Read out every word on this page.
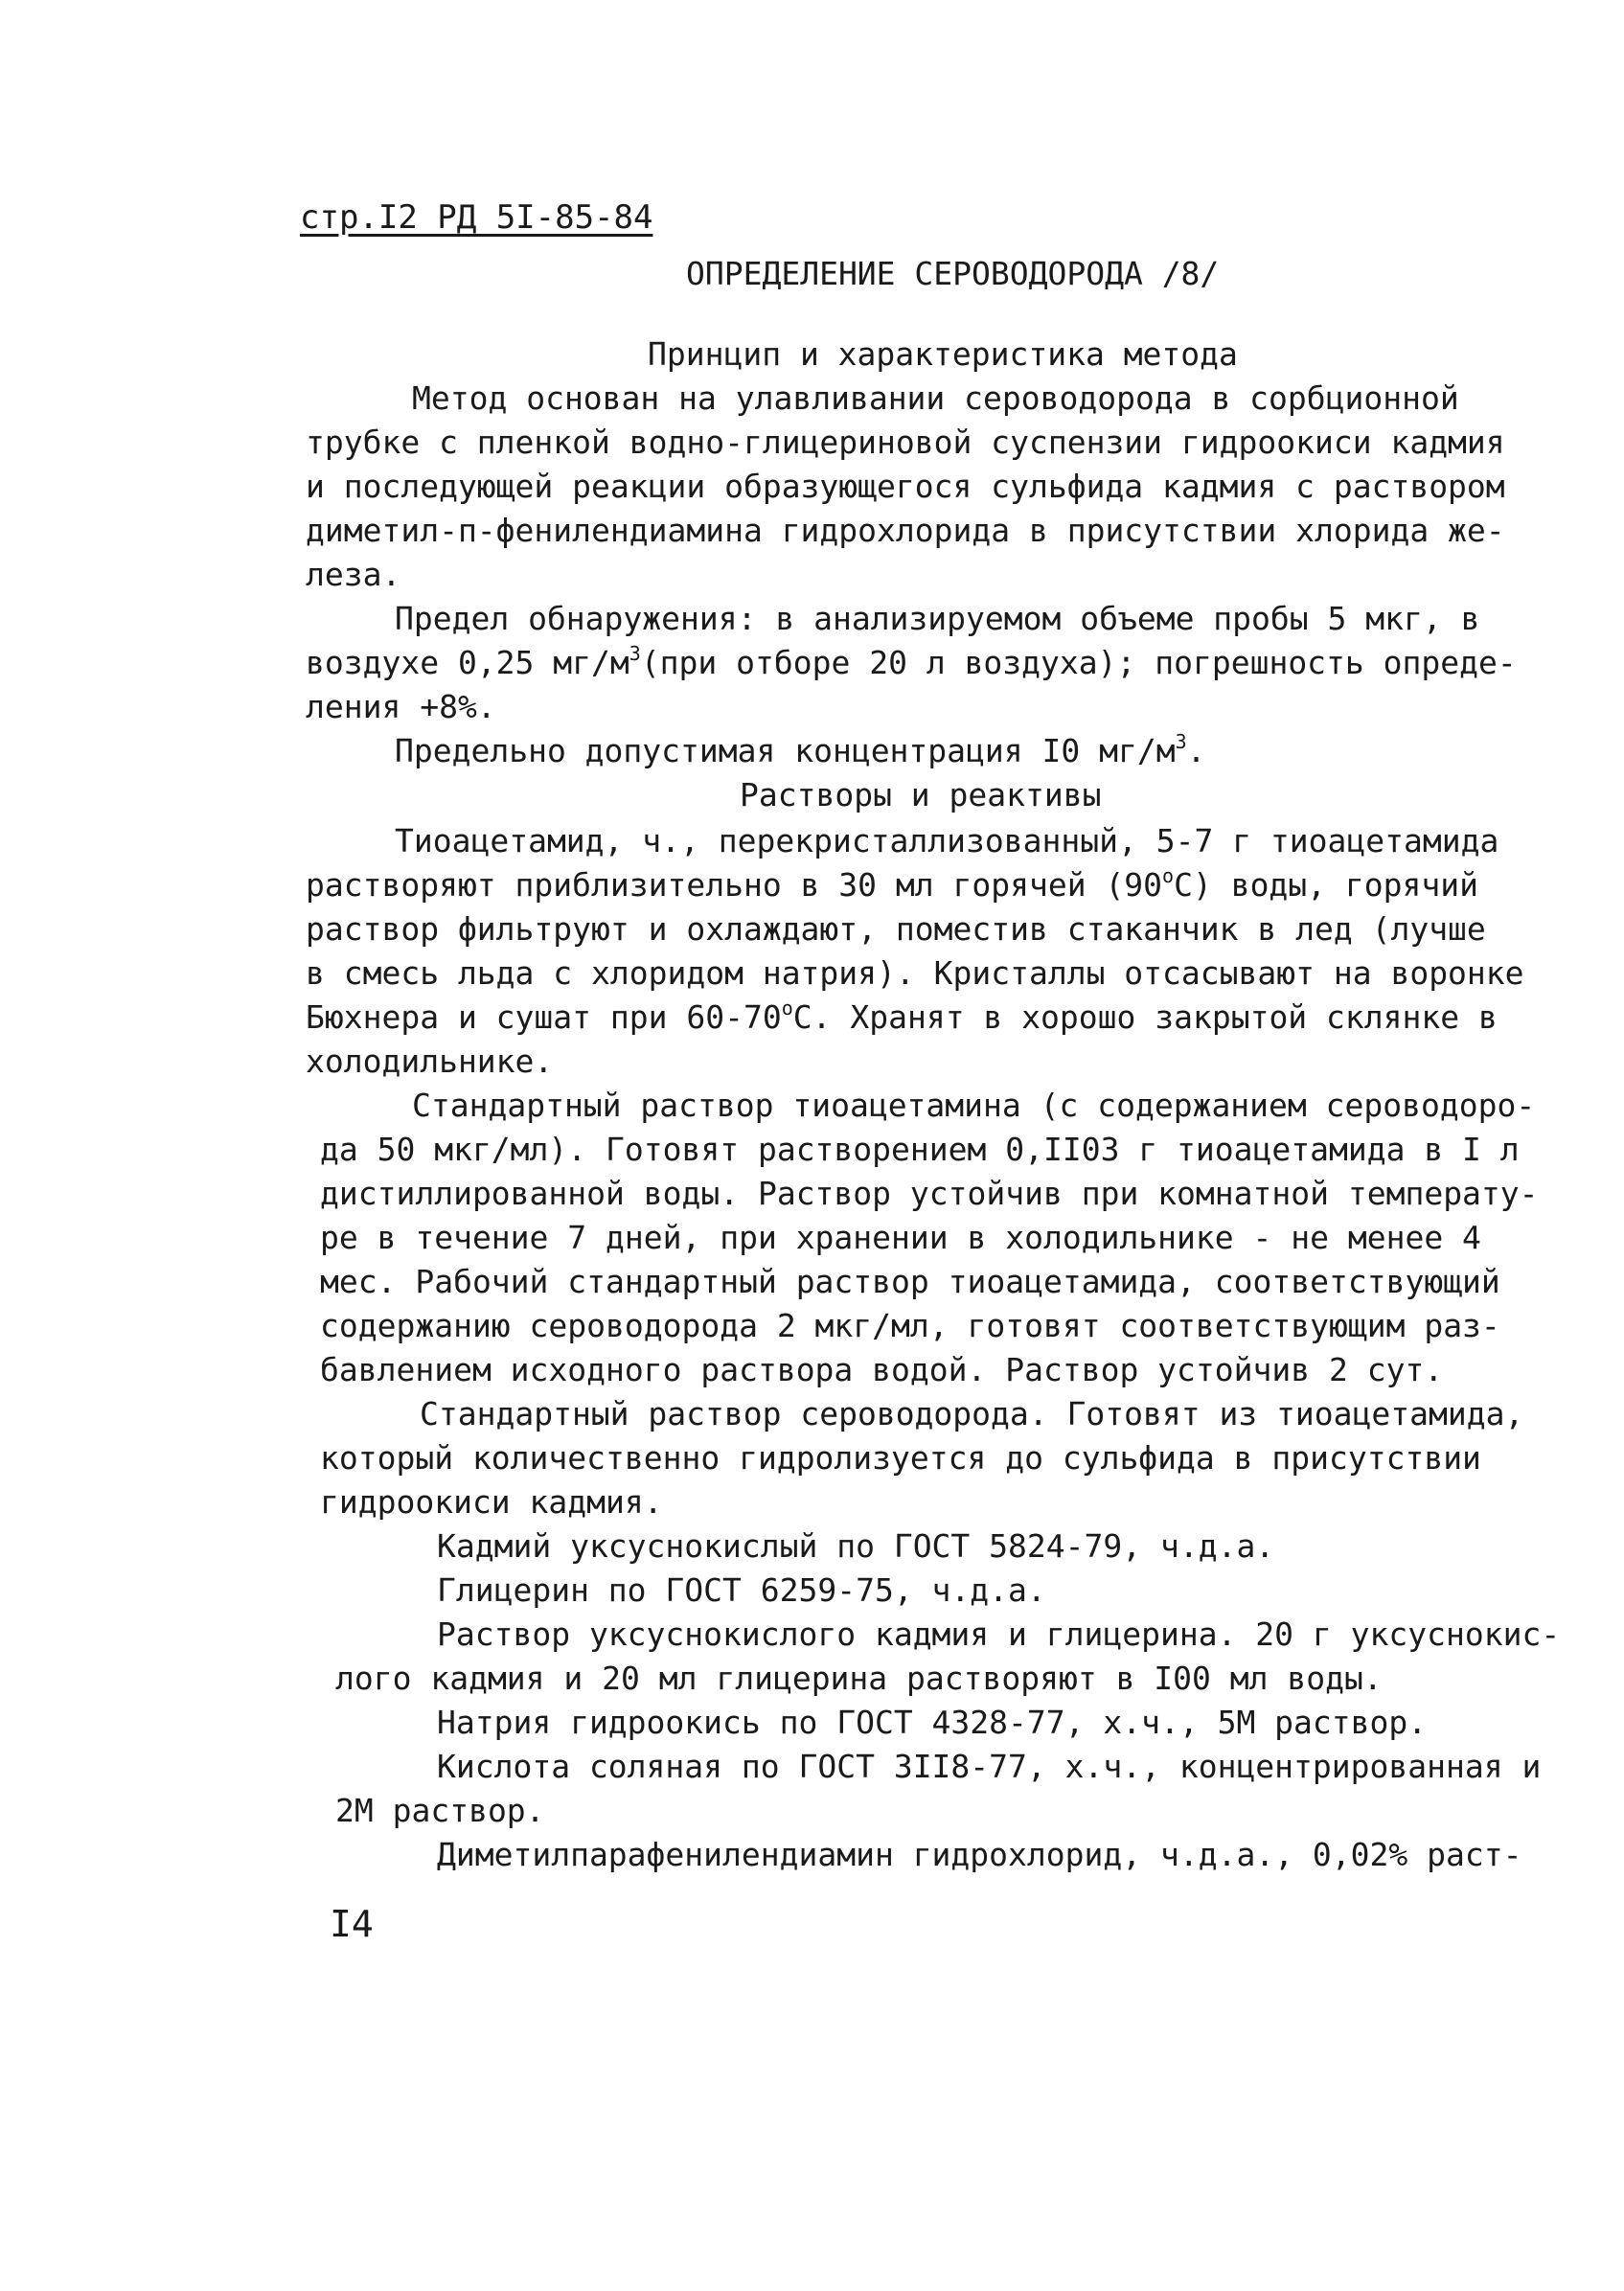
стр.I2 РД 5I-85-84
ОПРЕДЕЛЕНИЕ СЕРОВОДОРОДА /8/
Принцип и характеристика метода
Метод основан на улавливании сероводорода в сорбционной
трубке с пленкой водно-глицериновой суспензии гидроокиси кадмия
и последующей реакции образующегося сульфида кадмия с раствором
диметил-п-фенилендиамина гидрохлорида в присутствии хлорида же-
леза.
Предел обнаружения: в анализируемом объеме пробы 5 мкг, в
воздухе 0,25 $мг/м^3(при$ отборе 20 л воздуха); погрешность опреде-
ления +8%.
Предельно допустимая концентрация I0 $мг/м^3$.
Растворы и реактивы
Тиоацетамид, ч., перекристаллизованный, 5-7 г тиоацетамида
растворяют приблизительно в 30 мл горячей $(90^оС)$ воды, горячий
раствор фильтруют и охлаждают, поместив стаканчик в лед (лучше
в смесь льда с хлоридом натрия). Кристаллы отсасывают на воронке
Бюхнера и сушат при $60-70^оС$. Хранят в хорошо закрытой склянке в
холодильнике.
Стандартный раствор тиоацетамина (с содержанием сероводоро-
да 50 мкг/мл). Готовят растворением 0,II03 г тиоацетамида в I л
дистиллированной воды. Раствор устойчив при комнатной температу-
ре в течение 7 дней, при хранении в холодильнике - не менее 4
мес. Рабочий стандартный раствор тиоацетамида, соответствующий
содержанию сероводорода 2 мкг/мл, готовят соответствующим раз-
бавлением исходного раствора водой. Раствор устойчив 2 сут.
Стандартный раствор сероводорода. Готовят из тиоацетамида,
который количественно гидролизуется до сульфида в присутствии
гидроокиси кадмия.
Кадмий уксуснокислый по ГОСТ 5824-79, ч.д.а.
Глицерин по ГОСТ 6259-75, ч.д.а.
Раствор уксуснокислого кадмия и глицерина. 20 г уксуснокис-
лого кадмия и 20 мл глицерина растворяют в I00 мл воды.
Натрия гидроокись по ГОСТ 4328-77, х.ч., 5М раствор.
Кислота соляная по ГОСТ 3II8-77, х.ч., концентрированная и
2М раствор.
Диметилпарафенилендиамин гидрохлорид, ч.д.а., 0,02% раст-
I4
